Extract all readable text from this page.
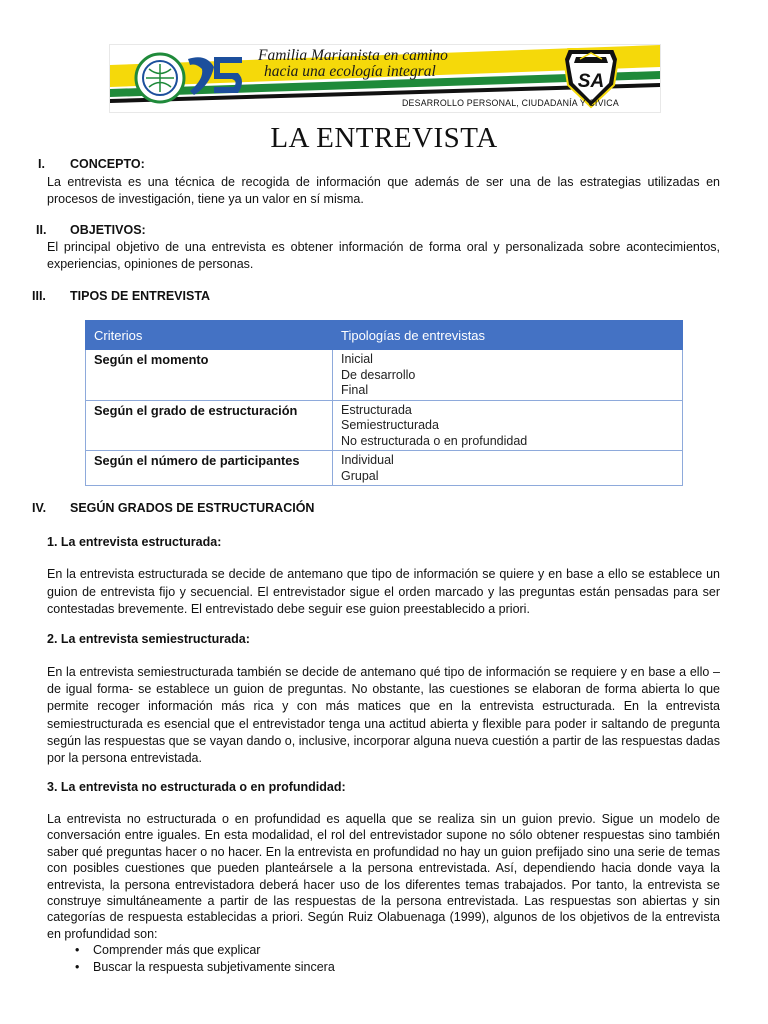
SA
Familia Marianista en camino
hacia una ecología integral
DESARROLLO PERSONAL, CIUDADANÍA Y CÍVICA
LA ENTREVISTA
I. CONCEPTO:
La entrevista es una técnica de recogida de información que además de ser una de las estrategias utilizadas en procesos de investigación, tiene ya un valor en sí misma.
II. OBJETIVOS:
El principal objetivo de una entrevista es obtener información de forma oral y personalizada sobre acontecimientos, experiencias, opiniones de personas.
III. TIPOS DE ENTREVISTA
Criterios	Tipologías de entrevistas
Según el momento	Inicial
De desarrollo
Final

Según el grado de estructuración	Estructurada
Semiestructurada
No estructurada o en profundidad

Según el número de participantes	Individual
Grupal
IV. SEGÚN GRADOS DE ESTRUCTURACIÓN
1. La entrevista estructurada:
En la entrevista estructurada se decide de antemano que tipo de información se quiere y en base a ello se establece un guion de entrevista fijo y secuencial. El entrevistador sigue el orden marcado y las preguntas están pensadas para ser contestadas brevemente. El entrevistado debe seguir ese guion preestablecido a priori.
2. La entrevista semiestructurada:
En la entrevista semiestructurada también se decide de antemano qué tipo de información se requiere y en base a ello – de igual forma- se establece un guion de preguntas. No obstante, las cuestiones se elaboran de forma abierta lo que permite recoger información más rica y con más matices que en la entrevista estructurada. En la entrevista semiestructurada es esencial que el entrevistador tenga una actitud abierta y flexible para poder ir saltando de pregunta según las respuestas que se vayan dando o, inclusive, incorporar alguna nueva cuestión a partir de las respuestas dadas por la persona entrevistada.
3. La entrevista no estructurada o en profundidad:
La entrevista no estructurada o en profundidad es aquella que se realiza sin un guion previo. Sigue un modelo de conversación entre iguales. En esta modalidad, el rol del entrevistador supone no sólo obtener respuestas sino también saber qué preguntas hacer o no hacer. En la entrevista en profundidad no hay un guion prefijado sino una serie de temas con posibles cuestiones que pueden planteársele a la persona entrevistada. Así, dependiendo hacia donde vaya la entrevista, la persona entrevistadora deberá hacer uso de los diferentes temas trabajados. Por tanto, la entrevista se construye simultáneamente a partir de las respuestas de la persona entrevistada. Las respuestas son abiertas y sin categorías de respuesta establecidas a priori. Según Ruiz Olabuenaga (1999), algunos de los objetivos de la entrevista en profundidad son:
• Comprender más que explicar
• Buscar la respuesta subjetivamente sincera
